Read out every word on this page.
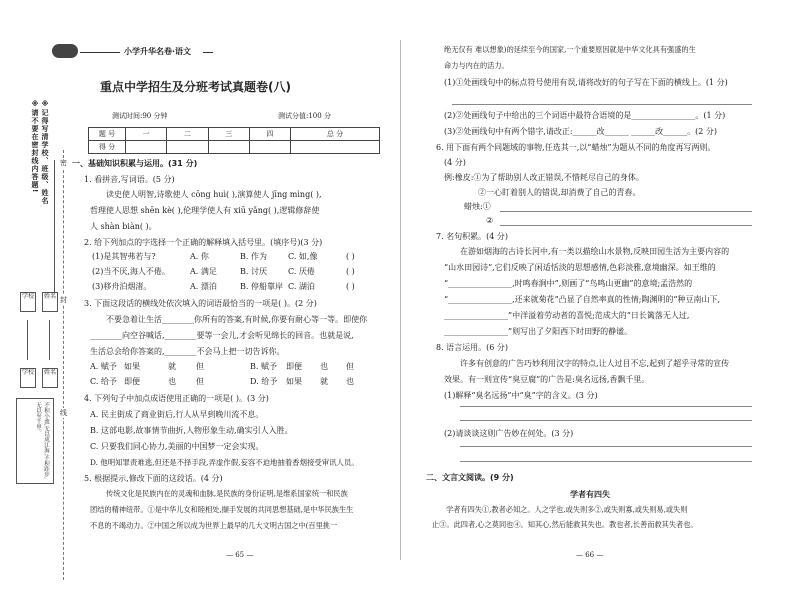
小学升华名卷·语文
重点中学招生及分班考试真题卷(八)
测试时间:90 分钟	测试分值:100 分
题 号	一	二	三	四	总 分
得 分					
※请不要在密封线内答题! ※记得写清学校、班级、姓名 密
封
线
学校	姓名
学校	姓名
不积小流,无以成江海;不积跬步,无以至千里。
一、基础知识积累与运用。(31 分)
1. 看拼音,写词语。(5 分)
读史使人明智,诗歌使人 cōng huì( ),演算使人 jīng mìng( ),
哲理使人思想 shēn kè( ),伦理学使人有 xiū yǎng( ),逻辑修辞使
人 shàn biàn( )。
2. 给下列加点的字选择一个正确的解释填入括号里。(填序号)(3 分)
(1)是其智弗若与?	A. 你	B. 作为	C. 如,像	( )
(2)当不厌,海人不倦。	A. 满足	B. 讨厌	C. 厌倦	( )
(3)移舟泊烟渚。	A. 漂泊	B. 停船靠岸 C. 湖泊	( )
3. 下面这段话的横线处依次填入的词语最恰当的一项是( )。(2 分)
不要急着让生活________你所有的答案,有时候,你要有耐心等一等。即使你
________向空谷喊话,________要等一会儿,才会听见绵长的回音。也就是说,
生活总会给你答案的,________不会马上把一切告诉你。
A. 赋予 如果	就	但	B. 赋予 即便 也 但
C. 给予 即便	也	但	D. 给予 如果 就 也
4. 下列句子中加点成语使用正确的一项是( )。(3 分)
A. 民主街成了商业街后,行人从早到晚川流不息。
B. 这部电影,故事情节曲折,人物形象生动,确实引人入胜。
C. 只要我们同心协力,美丽的中国梦一定会实现。
D. 他明知罪责难逃,但还是不择手段,弄虚作假,妄容不迫地抽着香烟接受审讯人员。
5. 根据提示,修改下面的这段话。(4 分)
传统文化是民族内在的灵魂和血脉,是民族的身份证明,是维系国家统一和民族
团结的精神纽带。①是中华儿女和睦相处,撷手发展的共同思想基础,是中华民族生生
不息的不竭动力。②中国之所以成为世界上最早的几大文明古国之中(百里挑一
— 65 —
绝无仅有 难以想象)的延续至今的国家,一个重要原因就是中华文化具有强盛的生
命力与内在的活力。
(1)①处画线句中的标点符号使用有误,请将改好的句子写在下面的横线上。(1 分)
(2)②处画线句子中给出的三个词语中最符合语境的是________________。(1 分)
(3)②处画线句中有两个错字,请改正:______改______ ______改______。(2 分)
6. 用下面有两个同题域的事物,任选其一,以“蜡烛”为题从不同的角度再写两则。
(4 分)
例:橡皮:①为了帮助别人改正错误,不惜耗尽自己的身体。
②一心盯着别人的错误,却消费了自己的青春。
蜡烛:①
②
7. 名句积累。(4 分)
在游如烟海的古诗长河中,有一类以描绘山水景物,反映田园生活为主要内容的
“山水田园诗”,它们反映了闲适恬淡的思想感情,色彩淡雅,意境幽深。如王维的
“________________,时鸣春涧中”,则画了“鸟鸣山更幽”的意境;孟浩然的
“________________,还来就菊花”凸显了自然率真的性情;陶渊明的“种豆南山下,
________________”中洋溢着劳动者的喜悦;范成大的“日长篱落无人过,
________________”则写出了夕阳西下时田野的静谧。
8. 语言运用。(6 分)
许多有创意的广告巧妙利用汉字的特点,让人过目不忘,起到了超乎寻常的宣传
效果。有一则宣传“臭豆腐”的广告是:臭名远扬,香飘千里。
(1)解释“臭名远扬”中“臭”字的含义。(3 分)
(2)请谈谈这则广告妙在何处。(3 分)
二、文言文阅读。(9 分)
学者有四失
学者有四失①,教者必知之。人之学也,或失则多②,或失则寡,或失则易,或失则
止③。此四者,心之莫同也④。知其心,然后能救其失也。教也者,长善而救其失者也。
— 66 —
